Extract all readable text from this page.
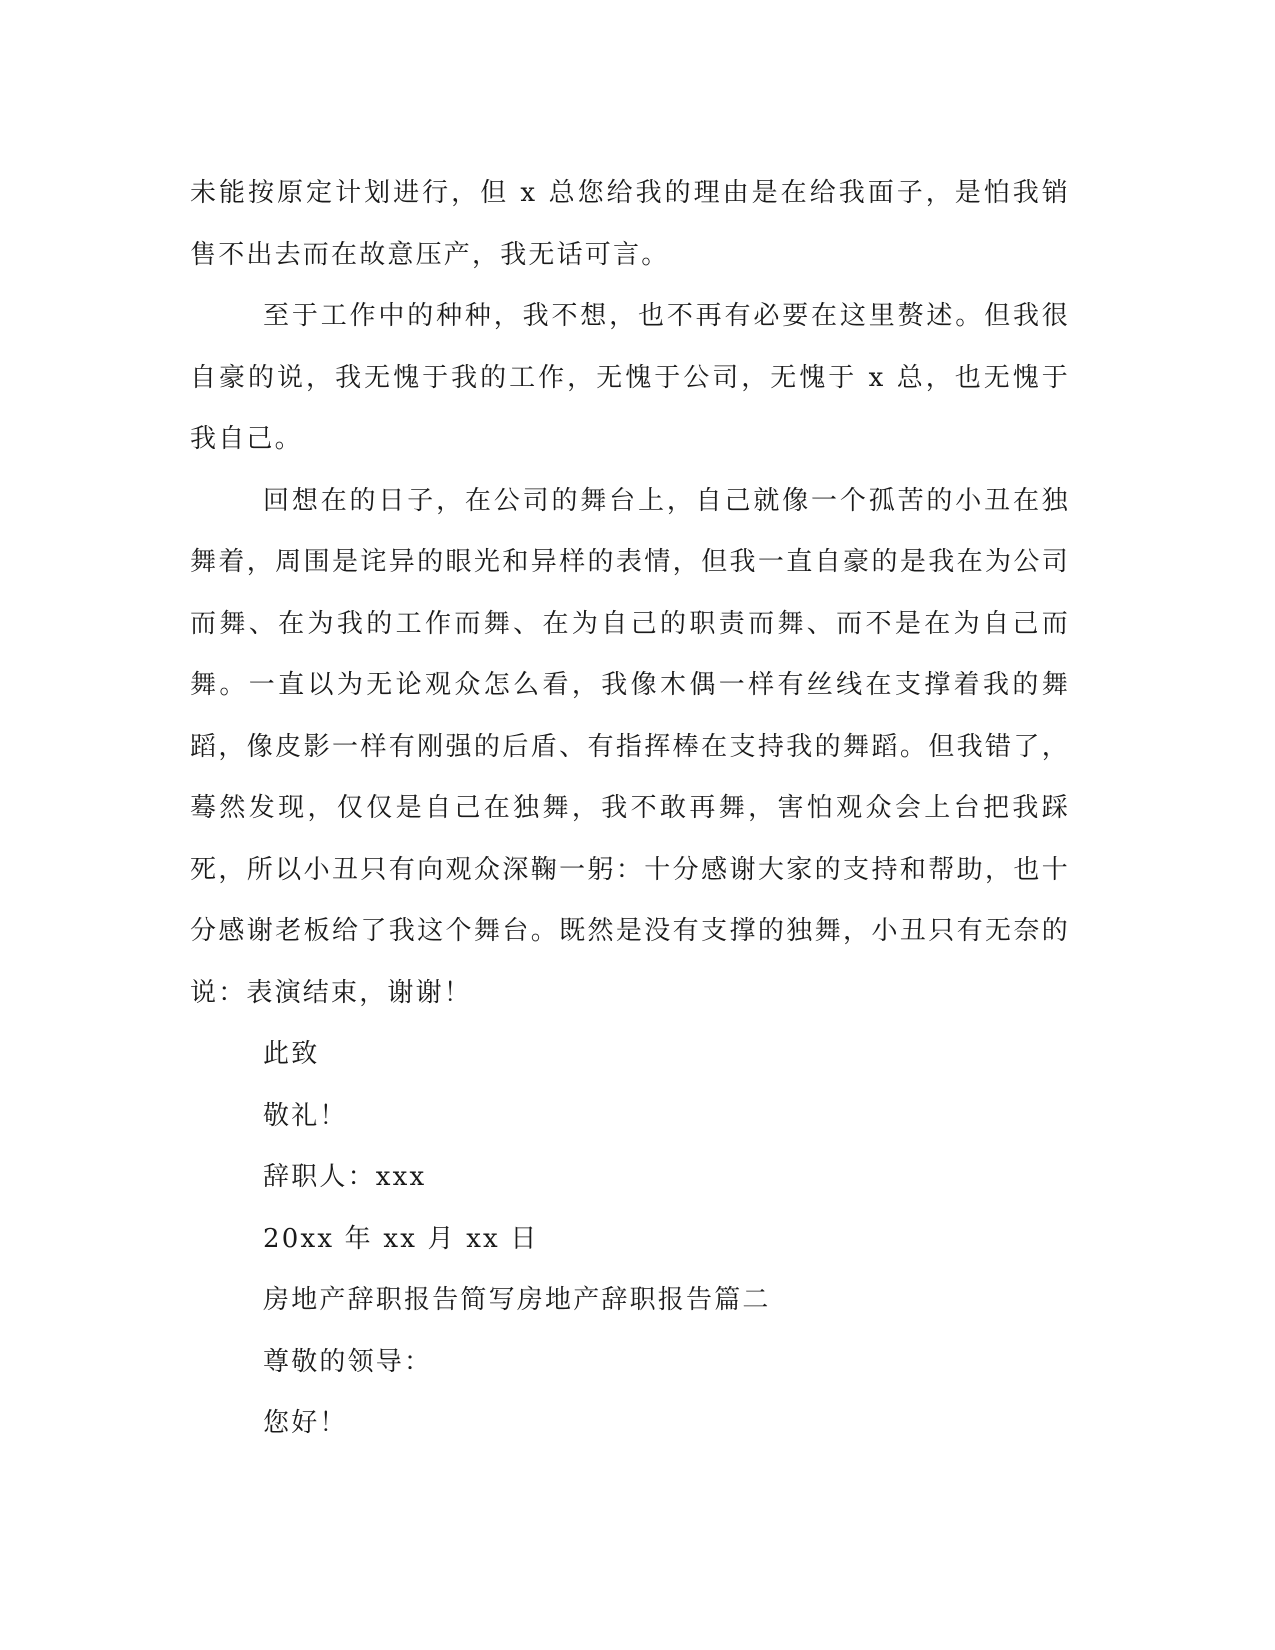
未能按原定计划进行，但 x 总您给我的理由是在给我面子，是怕我销售不出去而在故意压产，我无话可言。

至于工作中的种种，我不想，也不再有必要在这里赘述。但我很自豪的说，我无愧于我的工作，无愧于公司，无愧于 x 总，也无愧于我自己。

回想在的日子，在公司的舞台上，自己就像一个孤苦的小丑在独舞着，周围是诧异的眼光和异样的表情，但我一直自豪的是我在为公司而舞、在为我的工作而舞、在为自己的职责而舞、而不是在为自己而舞。一直以为无论观众怎么看，我像木偶一样有丝线在支撑着我的舞蹈，像皮影一样有刚强的后盾、有指挥棒在支持我的舞蹈。但我错了，蓦然发现，仅仅是自己在独舞，我不敢再舞，害怕观众会上台把我踩死，所以小丑只有向观众深鞠一躬：十分感谢大家的支持和帮助，也十分感谢老板给了我这个舞台。既然是没有支撑的独舞，小丑只有无奈的说：表演结束，谢谢！

此致

敬礼！

辞职人：xxx

20xx 年 xx 月 xx 日

房地产辞职报告简写房地产辞职报告篇二

尊敬的领导：

您好！
